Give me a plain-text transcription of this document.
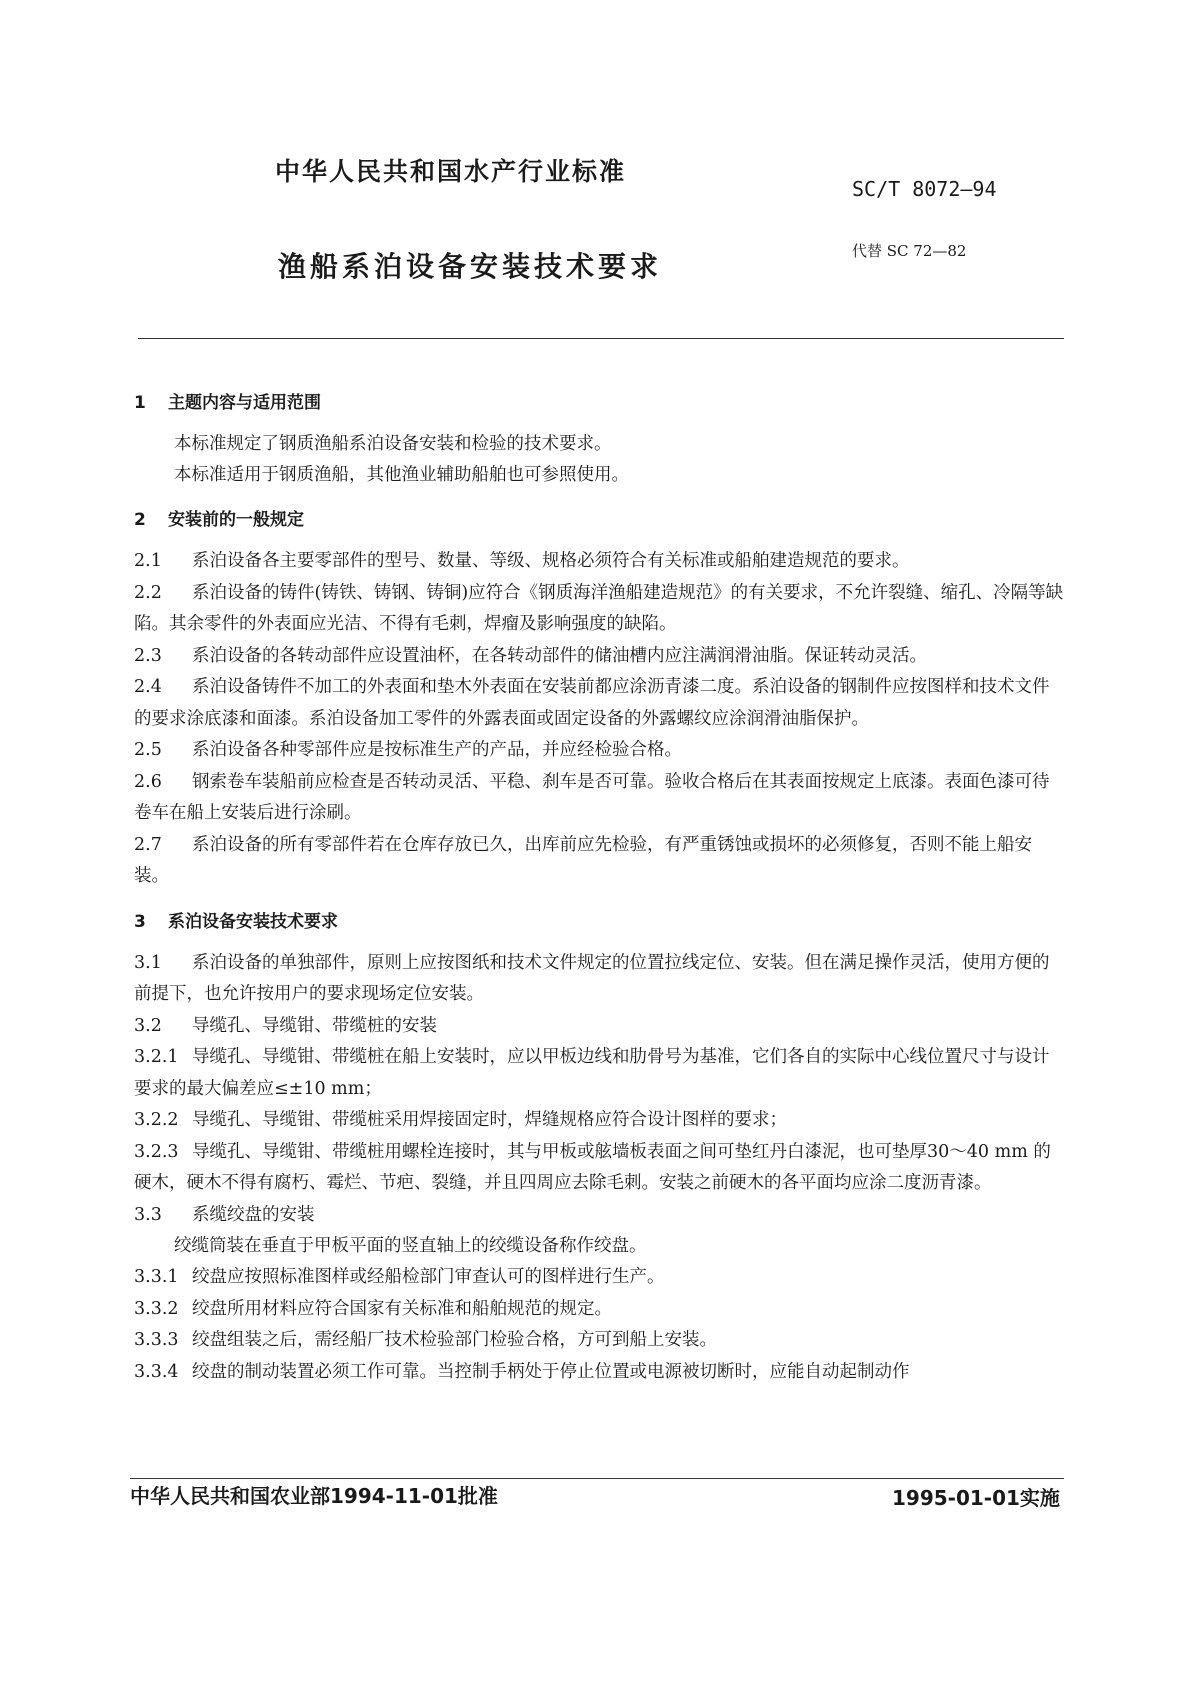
中华人民共和国水产行业标准
SC/T 8072—94
渔船系泊设备安装技术要求	代替 SC 72—82

1 主题内容与适用范围

本标准规定了钢质渔船系泊设备安装和检验的技术要求。

本标准适用于钢质渔船，其他渔业辅助船舶也可参照使用。

2 安装前的一般规定

2.1 系泊设备各主要零部件的型号、数量、等级、规格必须符合有关标准或船舶建造规范的要求。

2.2 系泊设备的铸件(铸铁、铸钢、铸铜)应符合《钢质海洋渔船建造规范》的有关要求，不允许裂缝、缩孔、冷隔等缺陷。其余零件的外表面应光洁、不得有毛刺，焊瘤及影响强度的缺陷。

2.3 系泊设备的各转动部件应设置油杯，在各转动部件的储油槽内应注满润滑油脂。保证转动灵活。

2.4 系泊设备铸件不加工的外表面和垫木外表面在安装前都应涂沥青漆二度。系泊设备的钢制件应按图样和技术文件的要求涂底漆和面漆。系泊设备加工零件的外露表面或固定设备的外露螺纹应涂润滑油脂保护。

2.5 系泊设备各种零部件应是按标准生产的产品，并应经检验合格。

2.6 钢索卷车装船前应检查是否转动灵活、平稳、刹车是否可靠。验收合格后在其表面按规定上底漆。表面色漆可待卷车在船上安装后进行涂刷。

2.7 系泊设备的所有零部件若在仓库存放已久，出库前应先检验，有严重锈蚀或损坏的必须修复，否则不能上船安装。

3 系泊设备安装技术要求

3.1 系泊设备的单独部件，原则上应按图纸和技术文件规定的位置拉线定位、安装。但在满足操作灵活，使用方便的前提下，也允许按用户的要求现场定位安装。

3.2 导缆孔、导缆钳、带缆桩的安装

3.2.1 导缆孔、导缆钳、带缆桩在船上安装时，应以甲板边线和肋骨号为基准，它们各自的实际中心线位置尺寸与设计要求的最大偏差应≤±10 mm；

3.2.2 导缆孔、导缆钳、带缆桩采用焊接固定时，焊缝规格应符合设计图样的要求；

3.2.3 导缆孔、导缆钳、带缆桩用螺栓连接时，其与甲板或舷墙板表面之间可垫红丹白漆泥，也可垫厚30～40 mm 的硬木，硬木不得有腐朽、霉烂、节疤、裂缝，并且四周应去除毛刺。安装之前硬木的各平面均应涂二度沥青漆。

3.3 系缆绞盘的安装

绞缆筒装在垂直于甲板平面的竖直轴上的绞缆设备称作绞盘。

3.3.1 绞盘应按照标准图样或经船检部门审查认可的图样进行生产。

3.3.2 绞盘所用材料应符合国家有关标准和船舶规范的规定。

3.3.3 绞盘组装之后，需经船厂技术检验部门检验合格，方可到船上安装。

3.3.4 绞盘的制动装置必须工作可靠。当控制手柄处于停止位置或电源被切断时，应能自动起制动作

中华人民共和国农业部1994-11-01批准	1995-01-01实施
